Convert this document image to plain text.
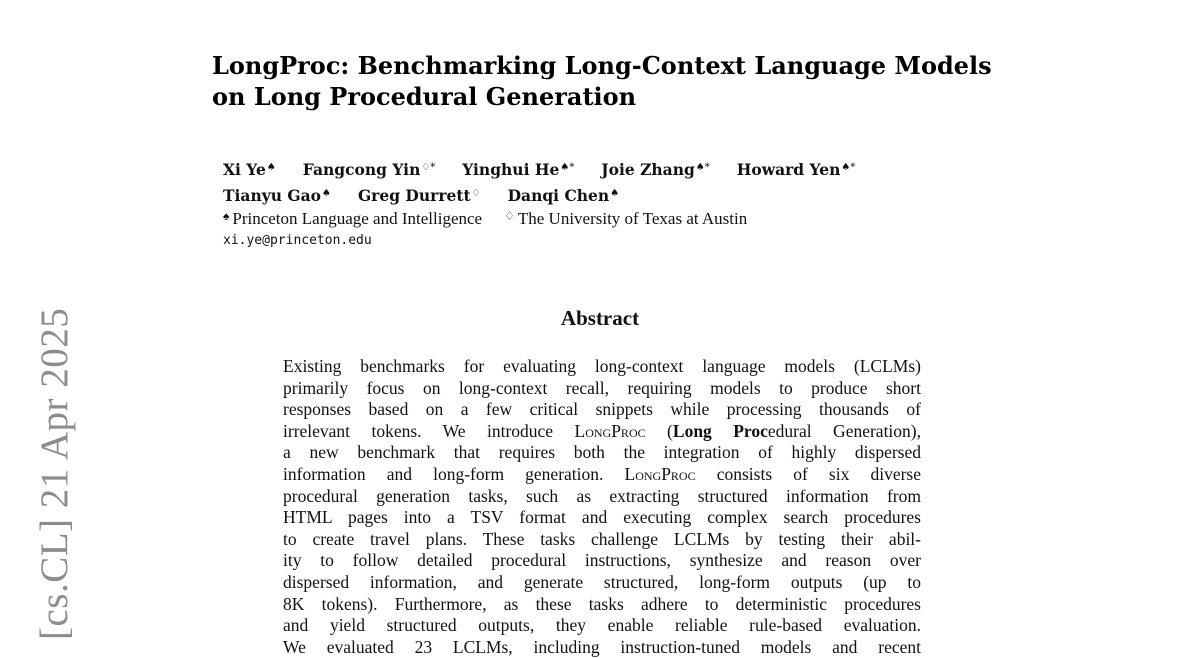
[cs.CL] 21 Apr 2025
LongProc: Benchmarking Long-Context Language Models
on Long Procedural Generation
Xi Ye♠ Fangcong Yin♢* Yinghui He♠* Joie Zhang♠* Howard Yen♠*
Tianyu Gao♠ Greg Durrett♢ Danqi Chen♠
♠ Princeton Language and Intelligence ♢ The University of Texas at Austin
xi.ye@princeton.edu
Abstract
Existing benchmarks for evaluating long-context language models (LCLMs)
primarily focus on long-context recall, requiring models to produce short
responses based on a few critical snippets while processing thousands of
irrelevant tokens. We introduce LongProc (Long Procedural Generation),
a new benchmark that requires both the integration of highly dispersed
information and long-form generation. LongProc consists of six diverse
procedural generation tasks, such as extracting structured information from
HTML pages into a TSV format and executing complex search procedures
to create travel plans. These tasks challenge LCLMs by testing their abil-
ity to follow detailed procedural instructions, synthesize and reason over
dispersed information, and generate structured, long-form outputs (up to
8K tokens). Furthermore, as these tasks adhere to deterministic procedures
and yield structured outputs, they enable reliable rule-based evaluation.
We evaluated 23 LCLMs, including instruction-tuned models and recent
